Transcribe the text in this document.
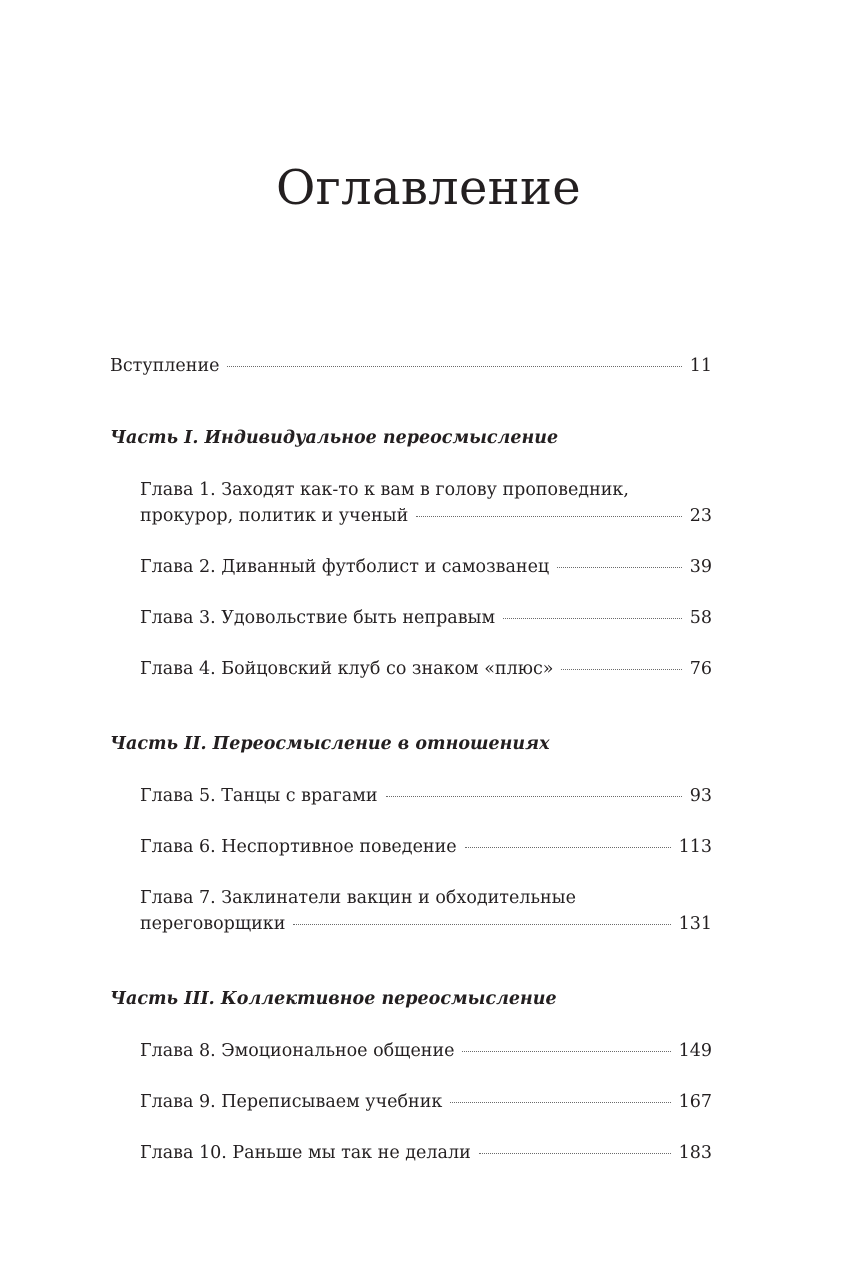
Оглавление
Вступление	11
Часть I. Индивидуальное переосмысление
Глава 1. Заходят как-то к вам в голову проповедник,
прокурор, политик и ученый	23
Глава 2. Диванный футболист и самозванец	39
Глава 3. Удовольствие быть неправым	58
Глава 4. Бойцовский клуб со знаком «плюс»	76
Часть II. Переосмысление в отношениях
Глава 5. Танцы с врагами	93
Глава 6. Неспортивное поведение	113
Глава 7. Заклинатели вакцин и обходительные
переговорщики	131
Часть III. Коллективное переосмысление
Глава 8. Эмоциональное общение	149
Глава 9. Переписываем учебник	167
Глава 10. Раньше мы так не делали	183
